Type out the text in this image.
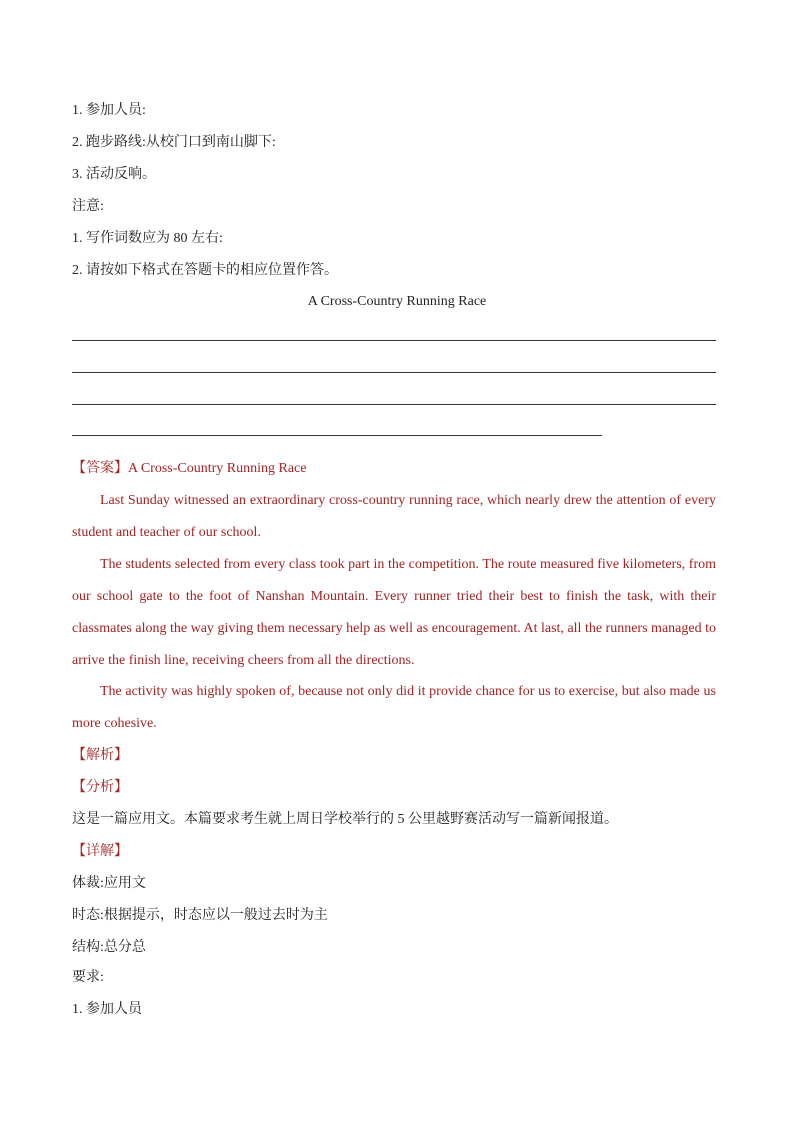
1. 参加人员:
2. 跑步路线:从校门口到南山脚下:
3. 活动反响。
注意:
1. 写作词数应为 80 左右:
2. 请按如下格式在答题卡的相应位置作答。
A Cross-Country Running Race
【答案】A Cross-Country Running Race
Last Sunday witnessed an extraordinary cross-country running race, which nearly drew the attention of every student and teacher of our school.
The students selected from every class took part in the competition. The route measured five kilometers, from our school gate to the foot of Nanshan Mountain. Every runner tried their best to finish the task, with their classmates along the way giving them necessary help as well as encouragement. At last, all the runners managed to arrive the finish line, receiving cheers from all the directions.
The activity was highly spoken of, because not only did it provide chance for us to exercise, but also made us more cohesive.
【解析】
【分析】
这是一篇应用文。本篇要求考生就上周日学校举行的 5 公里越野赛活动写一篇新闻报道。
【详解】
体裁:应用文
时态:根据提示，时态应以一般过去时为主
结构:总分总
要求:
1. 参加人员
